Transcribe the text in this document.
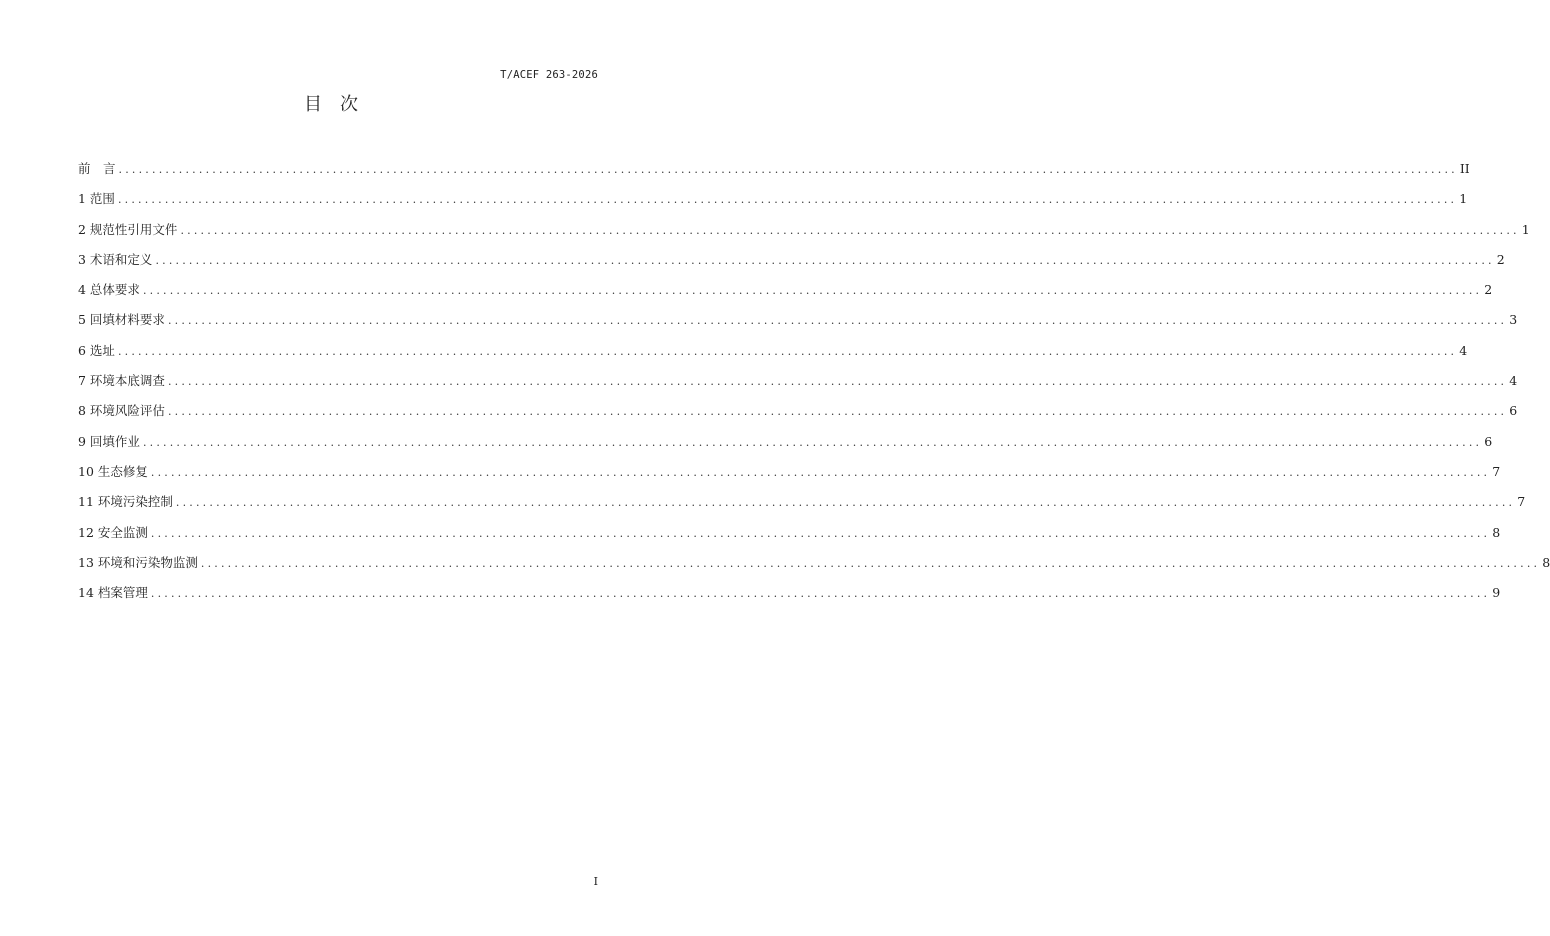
T/ACEF 263-2026
目次
前　言 ........................................................................................................................................................................................................ II
1 范围 ........................................................................................................................................................................................................ 1
2 规范性引用文件 ........................................................................................................................................................................................................ 1
3 术语和定义 ........................................................................................................................................................................................................ 2
4 总体要求 ........................................................................................................................................................................................................ 2
5 回填材料要求 ........................................................................................................................................................................................................ 3
6 选址 ........................................................................................................................................................................................................ 4
7 环境本底调查 ........................................................................................................................................................................................................ 4
8 环境风险评估 ........................................................................................................................................................................................................ 6
9 回填作业 ........................................................................................................................................................................................................ 6
10 生态修复 ........................................................................................................................................................................................................ 7
11 环境污染控制 ........................................................................................................................................................................................................ 7
12 安全监测 ........................................................................................................................................................................................................ 8
13 环境和污染物监测 ........................................................................................................................................................................................................ 8
14 档案管理 ........................................................................................................................................................................................................ 9
I
